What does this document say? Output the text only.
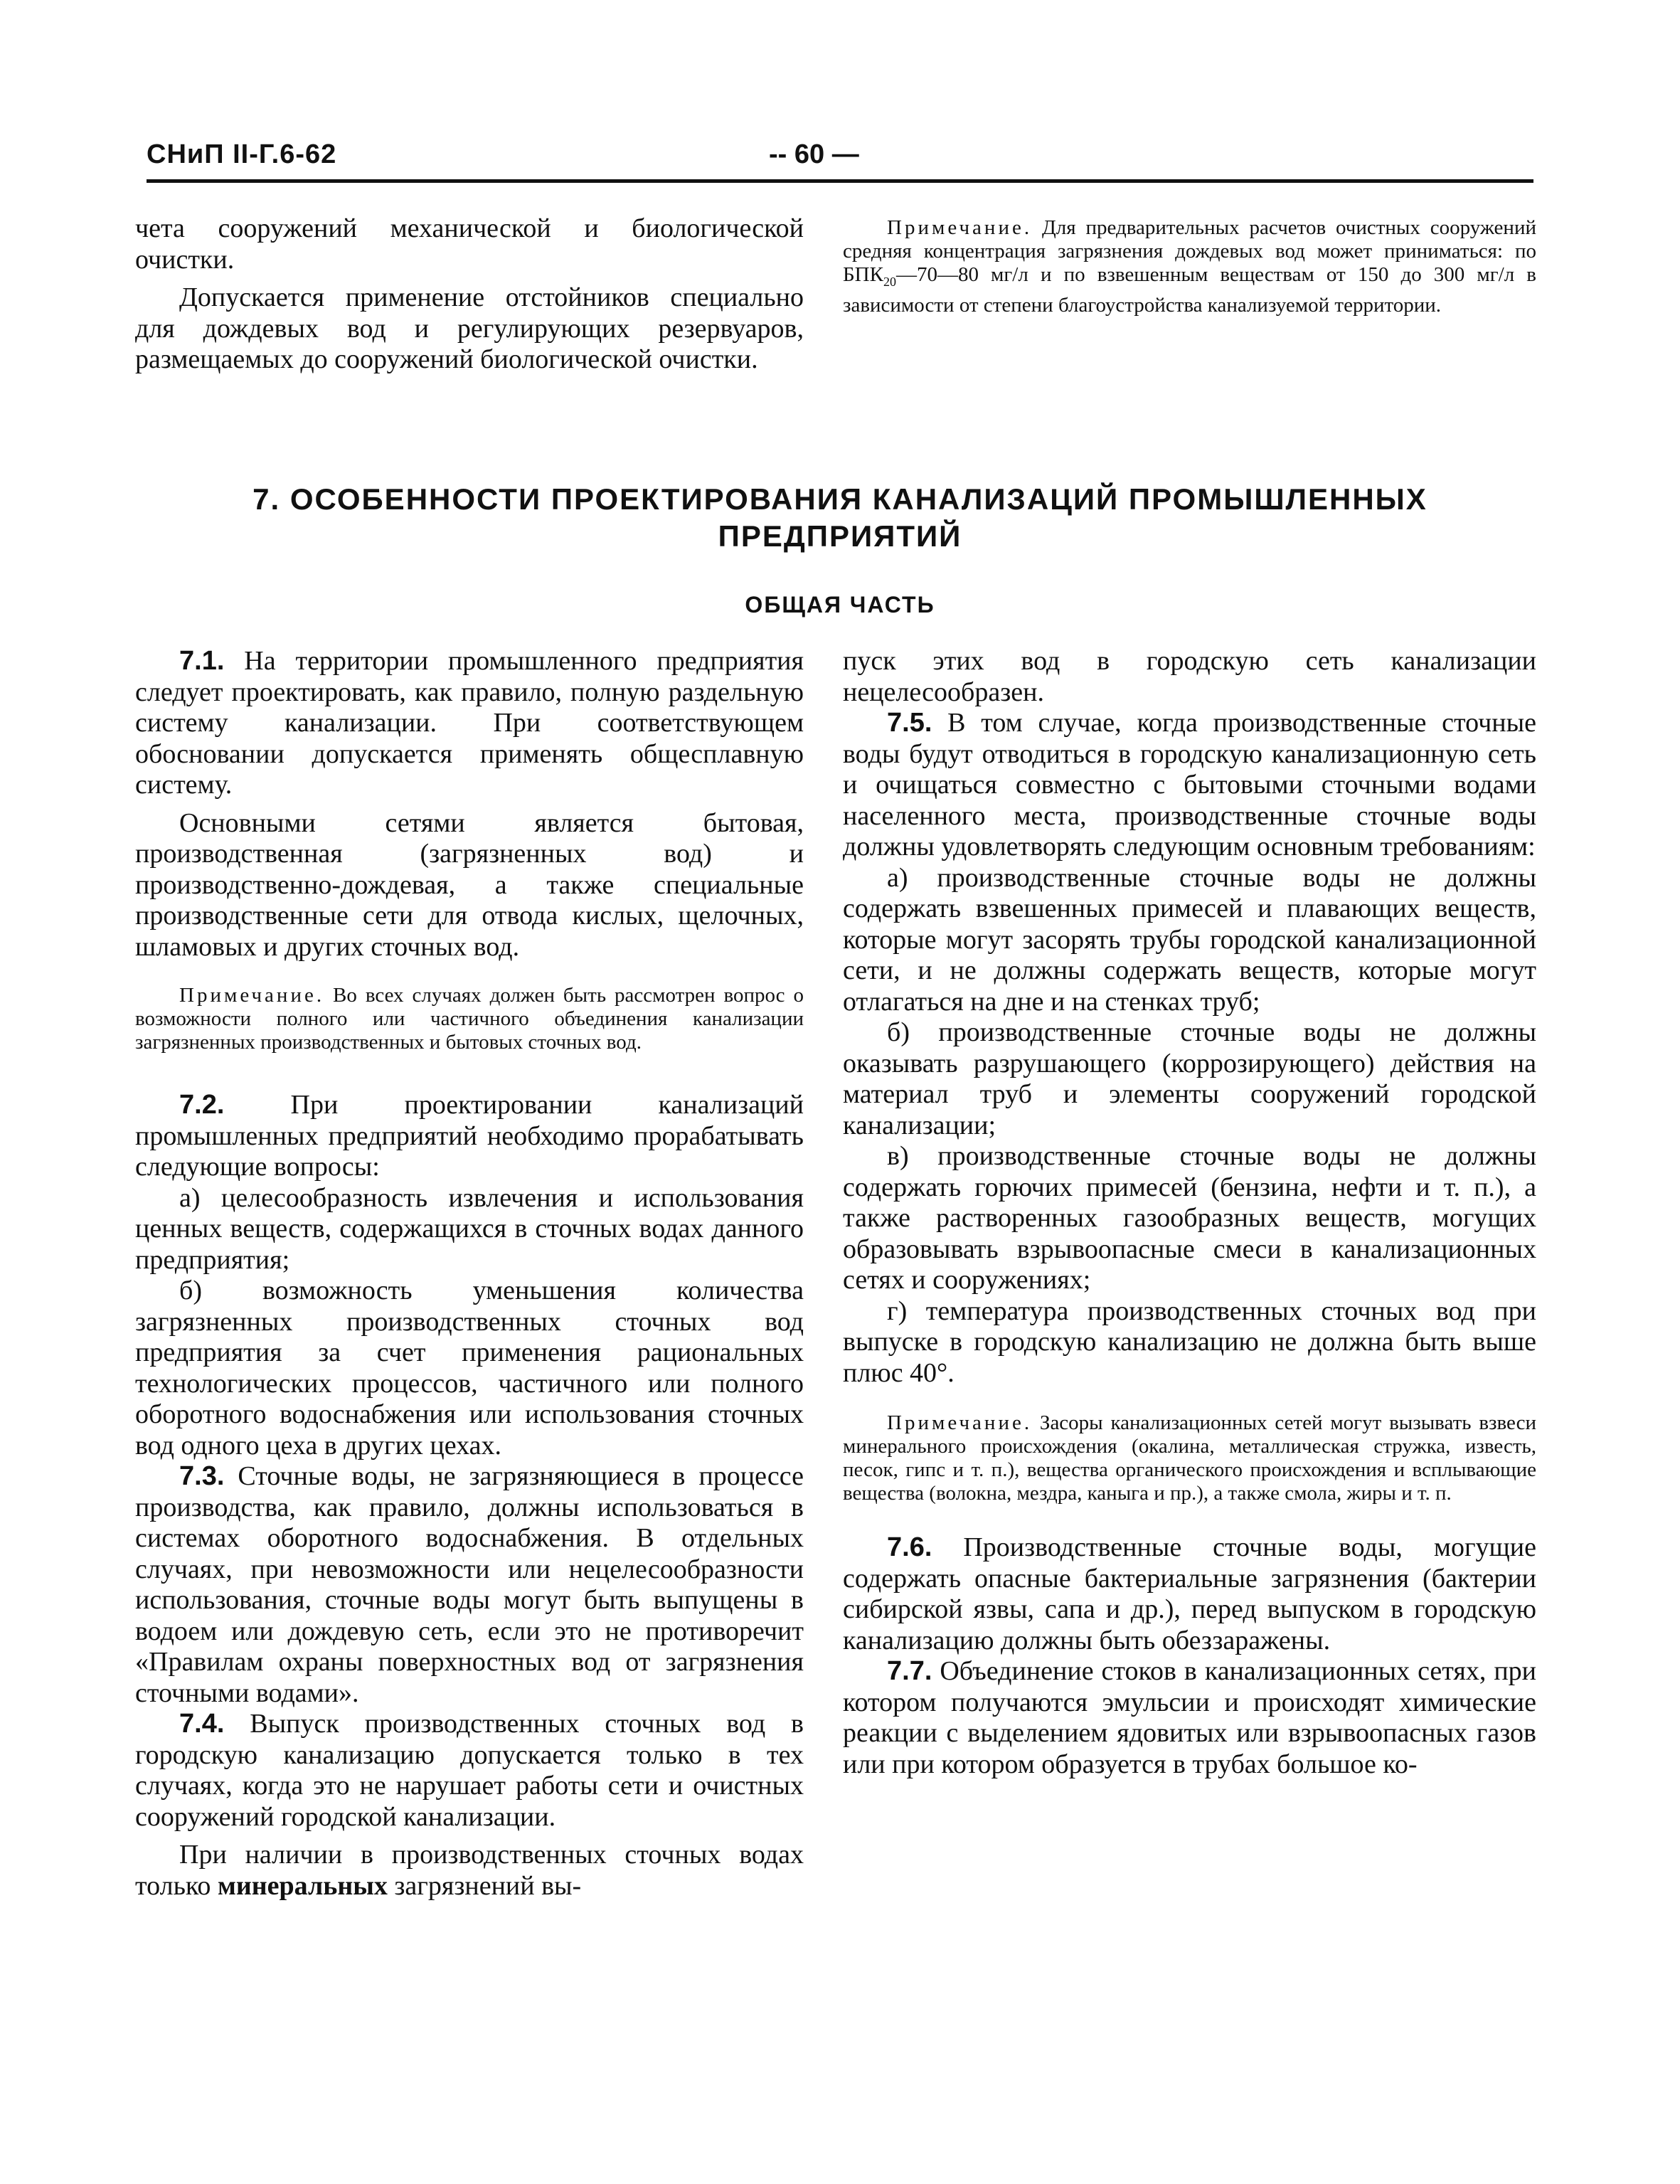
СНиП II-Г.6-62	-- 60 —

чета сооружений механической и биологической очистки.

Допускается применение отстойников специально для дождевых вод и регулирующих резервуаров, размещаемых до сооружений биологической очистки.

Примечание. Для предварительных расчетов очистных сооружений средняя концентрация загрязнения дождевых вод может приниматься: по $БПК_{20}—70—80$ мг/л и по взвешенным веществам от 150 до 300 мг/л в зависимости от степени благоустройства канализуемой территории.

7. ОСОБЕННОСТИ ПРОЕКТИРОВАНИЯ КАНАЛИЗАЦИЙ ПРОМЫШЛЕННЫХ
ПРЕДПРИЯТИЙ
ОБЩАЯ ЧАСТЬ

7.1. На территории промышленного предприятия следует проектировать, как правило, полную раздельную систему канализации. При соответствующем обосновании допускается применять общесплавную систему.

Основными сетями является бытовая, производственная (загрязненных вод) и производственно-дождевая, а также специальные производственные сети для отвода кислых, щелочных, шламовых и других сточных вод.

Примечание. Во всех случаях должен быть рассмотрен вопрос о возможности полного или частичного объединения канализации загрязненных производственных и бытовых сточных вод.

7.2. При проектировании канализаций промышленных предприятий необходимо прорабатывать следующие вопросы:

а) целесообразность извлечения и использования ценных веществ, содержащихся в сточных водах данного предприятия;

б) возможность уменьшения количества загрязненных производственных сточных вод предприятия за счет применения рациональных технологических процессов, частичного или полного оборотного водоснабжения или использования сточных вод одного цеха в других цехах.

7.3. Сточные воды, не загрязняющиеся в процессе производства, как правило, должны использоваться в системах оборотного водоснабжения. В отдельных случаях, при невозможности или нецелесообразности использования, сточные воды могут быть выпущены в водоем или дождевую сеть, если это не противоречит «Правилам охраны поверхностных вод от загрязнения сточными водами».

7.4. Выпуск производственных сточных вод в городскую канализацию допускается только в тех случаях, когда это не нарушает работы сети и очистных сооружений городской канализации.

При наличии в производственных сточных водах только минеральных загрязнений вы-

пуск этих вод в городскую сеть канализации нецелесообразен.

7.5. В том случае, когда производственные сточные воды будут отводиться в городскую канализационную сеть и очищаться совместно с бытовыми сточными водами населенного места, производственные сточные воды должны удовлетворять следующим основным требованиям:

а) производственные сточные воды не должны содержать взвешенных примесей и плавающих веществ, которые могут засорять трубы городской канализационной сети, и не должны содержать веществ, которые могут отлагаться на дне и на стенках труб;

б) производственные сточные воды не должны оказывать разрушающего (коррозирующего) действия на материал труб и элементы сооружений городской канализации;

в) производственные сточные воды не должны содержать горючих примесей (бензина, нефти и т. п.), а также растворенных газообразных веществ, могущих образовывать взрывоопасные смеси в канализационных сетях и сооружениях;

г) температура производственных сточных вод при выпуске в городскую канализацию не должна быть выше плюс 40°.

Примечание. Засоры канализационных сетей могут вызывать взвеси минерального происхождения (окалина, металлическая стружка, известь, песок, гипс и т. п.), вещества органического происхождения и всплывающие вещества (волокна, мездра, каныга и пр.), а также смола, жиры и т. п.

7.6. Производственные сточные воды, могущие содержать опасные бактериальные загрязнения (бактерии сибирской язвы, сапа и др.), перед выпуском в городскую канализацию должны быть обеззаражены.

7.7. Объединение стоков в канализационных сетях, при котором получаются эмульсии и происходят химические реакции с выделением ядовитых или взрывоопасных газов или при котором образуется в трубах большое ко-
